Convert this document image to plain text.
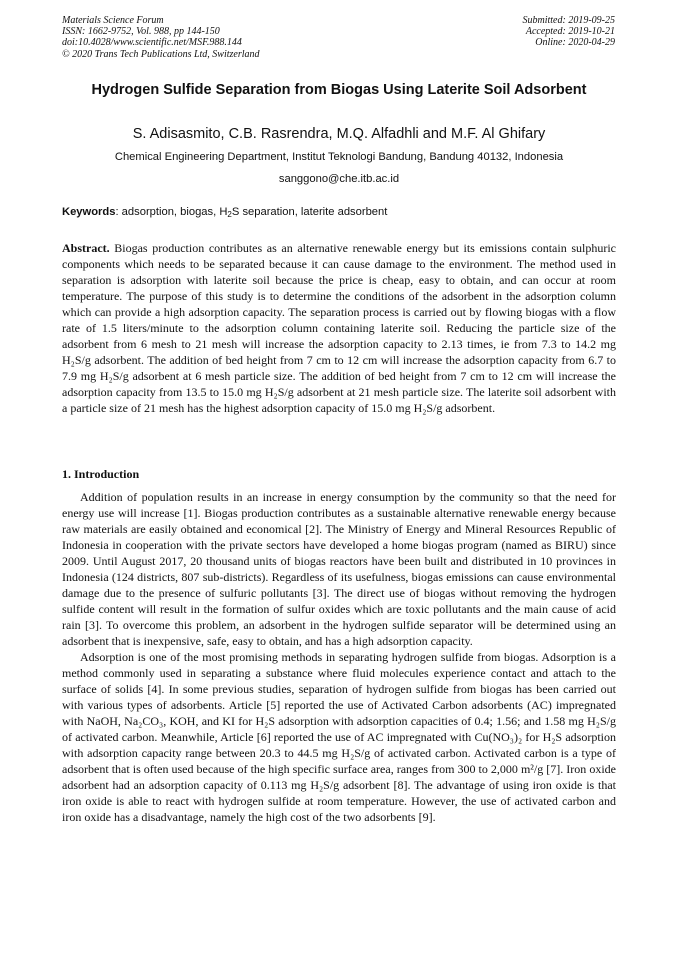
Materials Science Forum
ISSN: 1662-9752, Vol. 988, pp 144-150
doi:10.4028/www.scientific.net/MSF.988.144
© 2020 Trans Tech Publications Ltd, Switzerland
Submitted: 2019-09-25
Accepted: 2019-10-21
Online: 2020-04-29
Hydrogen Sulfide Separation from Biogas Using Laterite Soil Adsorbent
S. Adisasmito, C.B. Rasrendra, M.Q. Alfadhli and M.F. Al Ghifary
Chemical Engineering Department, Institut Teknologi Bandung, Bandung 40132, Indonesia
sanggono@che.itb.ac.id
Keywords: adsorption, biogas, $H_2S$ separation, laterite adsorbent

Abstract. Biogas production contributes as an alternative renewable energy but its emissions contain sulphuric components which needs to be separated because it can cause damage to the environment. The method used in separation is adsorption with laterite soil because the price is cheap, easy to obtain, and can occur at room temperature. The purpose of this study is to determine the conditions of the adsorbent in the adsorption column which can provide a high adsorption capacity. The separation process is carried out by flowing biogas with a flow rate of 1.5 liters/minute to the adsorption column containing laterite soil. Reducing the particle size of the adsorbent from 6 mesh to 21 mesh will increase the adsorption capacity to 2.13 times, ie from 7.3 to 14.2 mg H₂S/g adsorbent. The addition of bed height from 7 cm to 12 cm will increase the adsorption capacity from 6.7 to 7.9 mg H₂S/g adsorbent at 6 mesh particle size. The addition of bed height from 7 cm to 12 cm will increase the adsorption capacity from 13.5 to 15.0 mg H₂S/g adsorbent at 21 mesh particle size. The laterite soil adsorbent with a particle size of 21 mesh has the highest adsorption capacity of 15.0 mg H₂S/g adsorbent.

1. Introduction

Addition of population results in an increase in energy consumption by the community so that the need for energy use will increase [1]. Biogas production contributes as a sustainable alternative renewable energy because raw materials are easily obtained and economical [2]. The Ministry of Energy and Mineral Resources Republic of Indonesia in cooperation with the private sectors have developed a home biogas program (named as BIRU) since 2009. Until August 2017, 20 thousand units of biogas reactors have been built and distributed in 10 provinces in Indonesia (124 districts, 807 sub-districts). Regardless of its usefulness, biogas emissions can cause environmental damage due to the presence of sulfuric pollutants [3]. The direct use of biogas without removing the hydrogen sulfide content will result in the formation of sulfur oxides which are toxic pollutants and the main cause of acid rain [3]. To overcome this problem, an adsorbent in the hydrogen sulfide separator will be determined using an adsorbent that is inexpensive, safe, easy to obtain, and has a high adsorption capacity.

Adsorption is one of the most promising methods in separating hydrogen sulfide from biogas. Adsorption is a method commonly used in separating a substance where fluid molecules experience contact and attach to the surface of solids [4]. In some previous studies, separation of hydrogen sulfide from biogas has been carried out with various types of adsorbents. Article [5] reported the use of Activated Carbon adsorbents (AC) impregnated with NaOH, Na₂CO₃, KOH, and KI for H₂S adsorption with adsorption capacities of 0.4; 1.56; and 1.58 mg H₂S/g of activated carbon. Meanwhile, Article [6] reported the use of AC impregnated with Cu(NO₃)₂ for H₂S adsorption with adsorption capacity range between 20.3 to 44.5 mg H₂S/g of activated carbon. Activated carbon is a type of adsorbent that is often used because of the high specific surface area, ranges from 300 to 2,000 m²/g [7]. Iron oxide adsorbent had an adsorption capacity of 0.113 mg H₂S/g adsorbent [8]. The advantage of using iron oxide is that iron oxide is able to react with hydrogen sulfide at room temperature. However, the use of activated carbon and iron oxide has a disadvantage, namely the high cost of the two adsorbents [9].
